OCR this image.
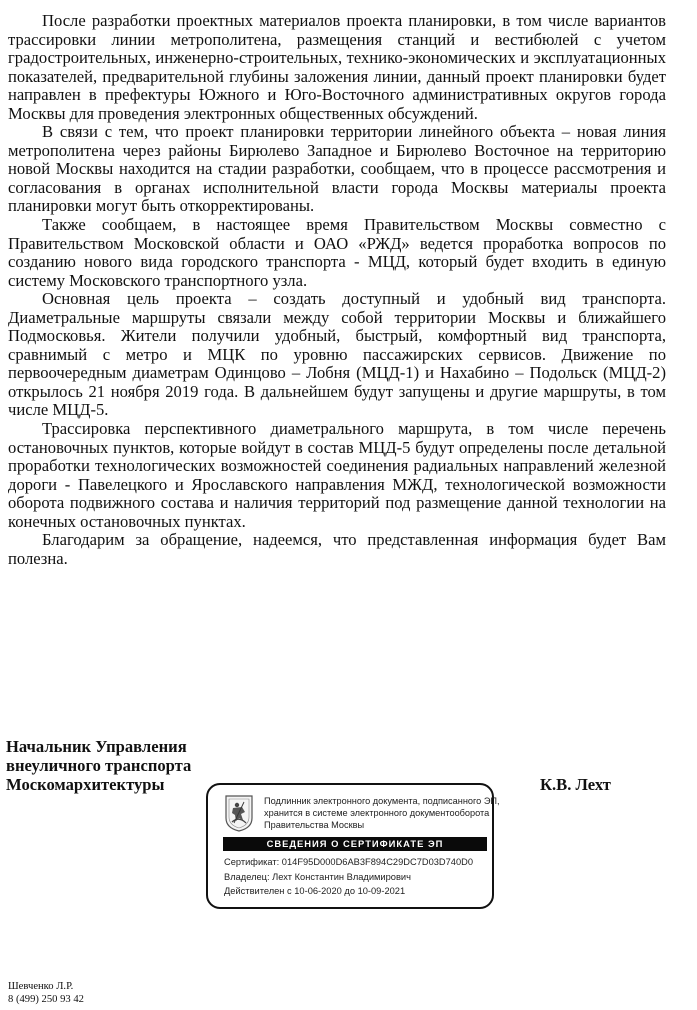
После разработки проектных материалов проекта планировки, в том числе вариантов трассировки линии метрополитена, размещения станций и вестибюлей с учетом градостроительных, инженерно-строительных, технико-экономических и эксплуатационных показателей, предварительной глубины заложения линии, данный проект планировки будет направлен в префектуры Южного и Юго-Восточного административных округов города Москвы для проведения электронных общественных обсуждений.

В связи с тем, что проект планировки территории линейного объекта – новая линия метрополитена через районы Бирюлево Западное и Бирюлево Восточное на территорию новой Москвы находится на стадии разработки, сообщаем, что в процессе рассмотрения и согласования в органах исполнительной власти города Москвы материалы проекта планировки могут быть откорректированы.

Также сообщаем, в настоящее время Правительством Москвы совместно с Правительством Московской области и ОАО «РЖД» ведется проработка вопросов по созданию нового вида городского транспорта - МЦД, который будет входить в единую систему Московского транспортного узла.

Основная цель проекта – создать доступный и удобный вид транспорта. Диаметральные маршруты связали между собой территории Москвы и ближайшего Подмосковья. Жители получили удобный, быстрый, комфортный вид транспорта, сравнимый с метро и МЦК по уровню пассажирских сервисов. Движение по первоочередным диаметрам Одинцово – Лобня (МЦД-1) и Нахабино – Подольск (МЦД-2) открылось 21 ноября 2019 года. В дальнейшем будут запущены и другие маршруты, в том числе МЦД-5.

Трассировка перспективного диаметрального маршрута, в том числе перечень остановочных пунктов, которые войдут в состав МЦД-5 будут определены после детальной проработки технологических возможностей соединения радиальных направлений железной дороги - Павелецкого и Ярославского направления МЖД, технологической возможности оборота подвижного состава и наличия территорий под размещение данной технологии на конечных остановочных пунктах.

Благодарим за обращение, надеемся, что представленная информация будет Вам полезна.

Начальник Управления
внеуличного транспорта
Москомархитектуры
Подлинник электронного документа, подписанного ЭП,
хранится в системе электронного документооборота
Правительства Москвы
СВЕДЕНИЯ О СЕРТИФИКАТЕ ЭП
Сертификат: 014F95D000D6AB3F894C29DC7D03D740D0
Владелец: Лехт Константин Владимирович
Действителен с 10-06-2020 до 10-09-2021
К.В. Лехт
Шевченко Л.Р.
8 (499) 250 93 42
